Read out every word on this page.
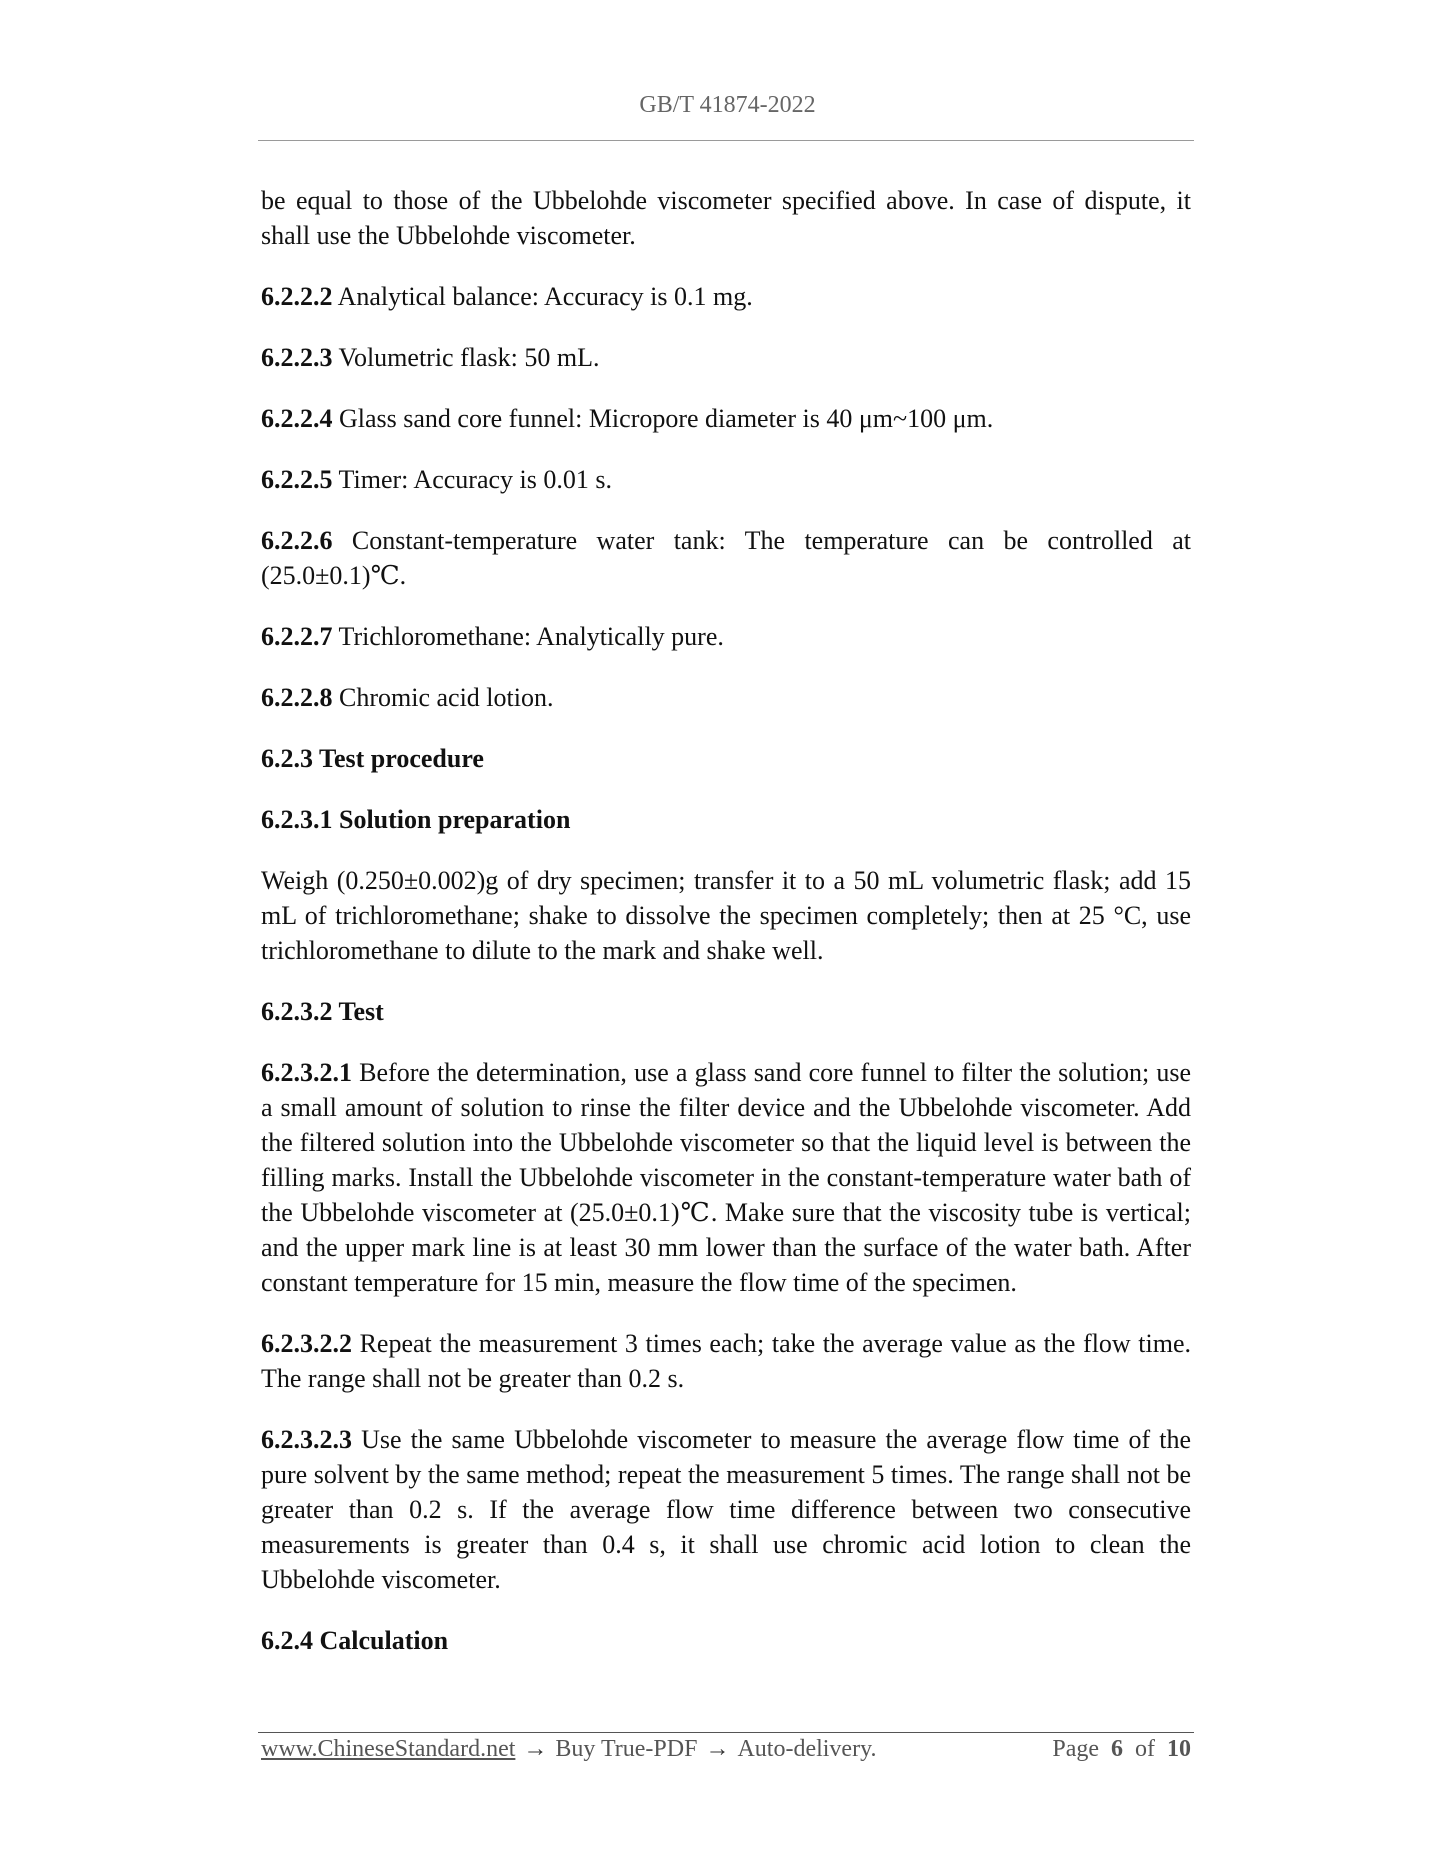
GB/T 41874-2022

be equal to those of the Ubbelohde viscometer specified above. In case of dispute, it shall use the Ubbelohde viscometer.

6.2.2.2 Analytical balance: Accuracy is 0.1 mg.

6.2.2.3 Volumetric flask: 50 mL.

6.2.2.4 Glass sand core funnel: Micropore diameter is 40 μm~100 μm.

6.2.2.5 Timer: Accuracy is 0.01 s.

6.2.2.6 Constant-temperature water tank: The temperature can be controlled at (25.0±0.1)℃.

6.2.2.7 Trichloromethane: Analytically pure.

6.2.2.8 Chromic acid lotion.

6.2.3 Test procedure

6.2.3.1 Solution preparation

Weigh (0.250±0.002)g of dry specimen; transfer it to a 50 mL volumetric flask; add 15 mL of trichloromethane; shake to dissolve the specimen completely; then at 25 °C, use trichloromethane to dilute to the mark and shake well.

6.2.3.2 Test

6.2.3.2.1 Before the determination, use a glass sand core funnel to filter the solution; use a small amount of solution to rinse the filter device and the Ubbelohde viscometer. Add the filtered solution into the Ubbelohde viscometer so that the liquid level is between the filling marks. Install the Ubbelohde viscometer in the constant-temperature water bath of the Ubbelohde viscometer at (25.0±0.1)℃. Make sure that the viscosity tube is vertical; and the upper mark line is at least 30 mm lower than the surface of the water bath. After constant temperature for 15 min, measure the flow time of the specimen.

6.2.3.2.2 Repeat the measurement 3 times each; take the average value as the flow time. The range shall not be greater than 0.2 s.

6.2.3.2.3 Use the same Ubbelohde viscometer to measure the average flow time of the pure solvent by the same method; repeat the measurement 5 times. The range shall not be greater than 0.2 s. If the average flow time difference between two consecutive measurements is greater than 0.4 s, it shall use chromic acid lotion to clean the Ubbelohde viscometer.

6.2.4 Calculation

www.ChineseStandard.net → Buy True-PDF → Auto-delivery.	Page 6 of 10
